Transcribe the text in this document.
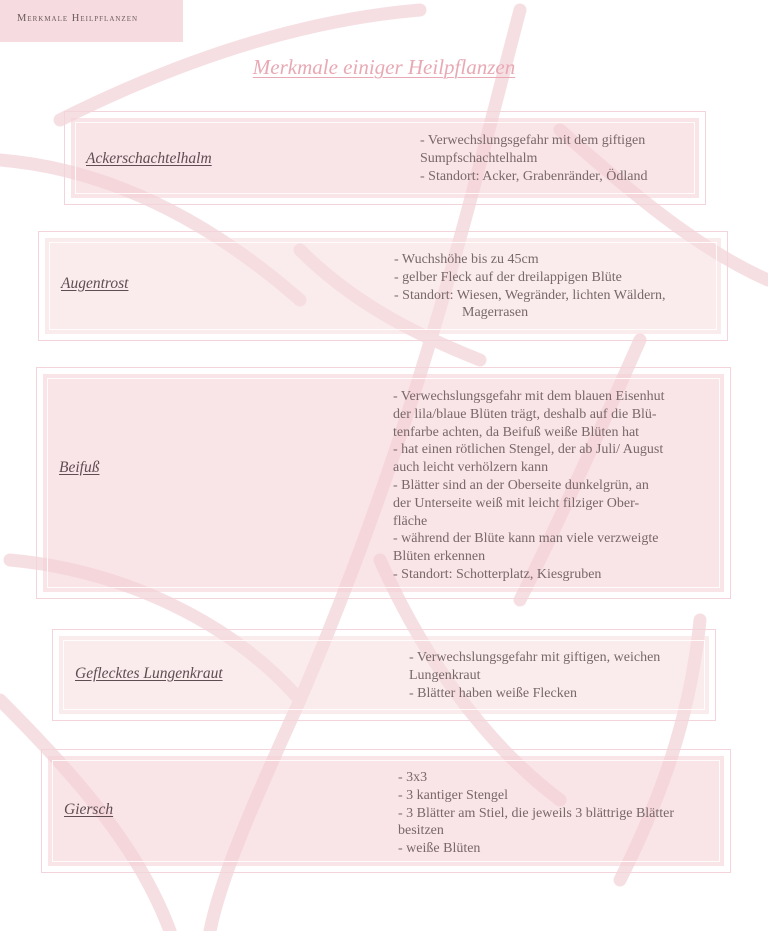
Merkmale Heilpflanzen
Merkmale einiger Heilpflanzen
Ackerschachtelhalm
- Verwechslungsgefahr mit dem giftigen
Sumpfschachtelhalm
- Standort: Acker, Grabenränder, Ödland
Augentrost
- Wuchshöhe bis zu 45cm
- gelber Fleck auf der dreilappigen Blüte
- Standort: Wiesen, Wegränder, lichten Wäldern,
Magerrasen
Beifuß
- Verwechslungsgefahr mit dem blauen Eisenhut
der lila/blaue Blüten trägt, deshalb auf die Blü-
tenfarbe achten, da Beifuß weiße Blüten hat
- hat einen rötlichen Stengel, der ab Juli/ August
auch leicht verhölzern kann
- Blätter sind an der Oberseite dunkelgrün, an
der Unterseite weiß mit leicht filziger Ober-
fläche
- während der Blüte kann man viele verzweigte
Blüten erkennen
- Standort: Schotterplatz, Kiesgruben
Geflecktes Lungenkraut
- Verwechslungsgefahr mit giftigen, weichen
Lungenkraut
- Blätter haben weiße Flecken
Giersch
- 3x3
- 3 kantiger Stengel
- 3 Blätter am Stiel, die jeweils 3 blättrige Blätter
besitzen
- weiße Blüten
